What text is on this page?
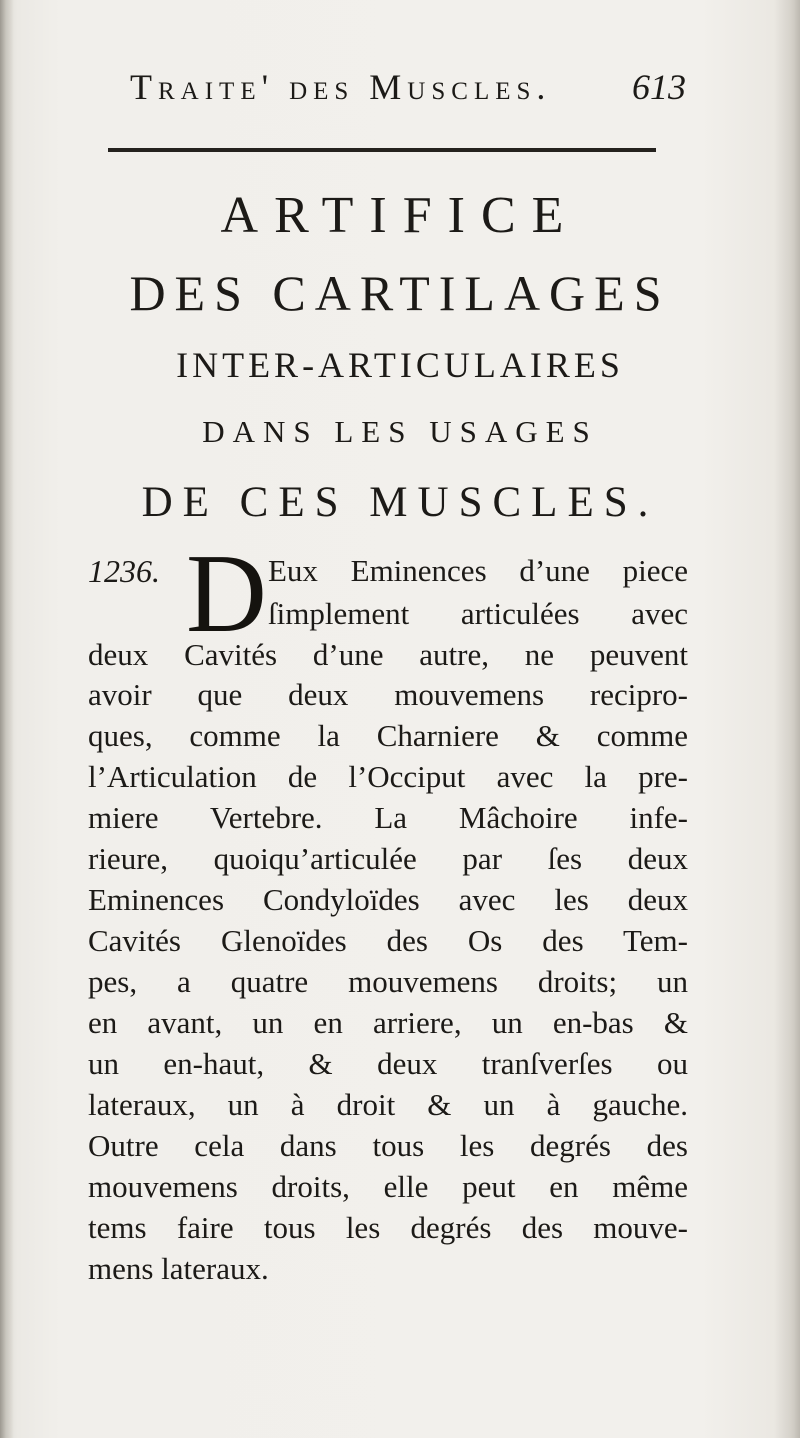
Traite' des Muscles. 613
ARTIFICE
DES CARTILAGES
INTER-ARTICULAIRES
DANS LES USAGES
DE CES MUSCLES.
1236. D Eux Eminences d’une piece
ſimplement articulées avec
deux Cavités d’une autre, ne peuvent
avoir que deux mouvemens recipro-
ques, comme la Charniere & comme
l’Articulation de l’Occiput avec la pre-
miere Vertebre. La Mâchoire infe-
rieure, quoiqu’articulée par ſes deux
Eminences Condyloïdes avec les deux
Cavités Glenoïdes des Os des Tem-
pes, a quatre mouvemens droits; un
en avant, un en arriere, un en-bas &
un en-haut, & deux tranſverſes ou
lateraux, un à droit & un à gauche.
Outre cela dans tous les degrés des
mouvemens droits, elle peut en même
tems faire tous les degrés des mouve-
mens lateraux.
